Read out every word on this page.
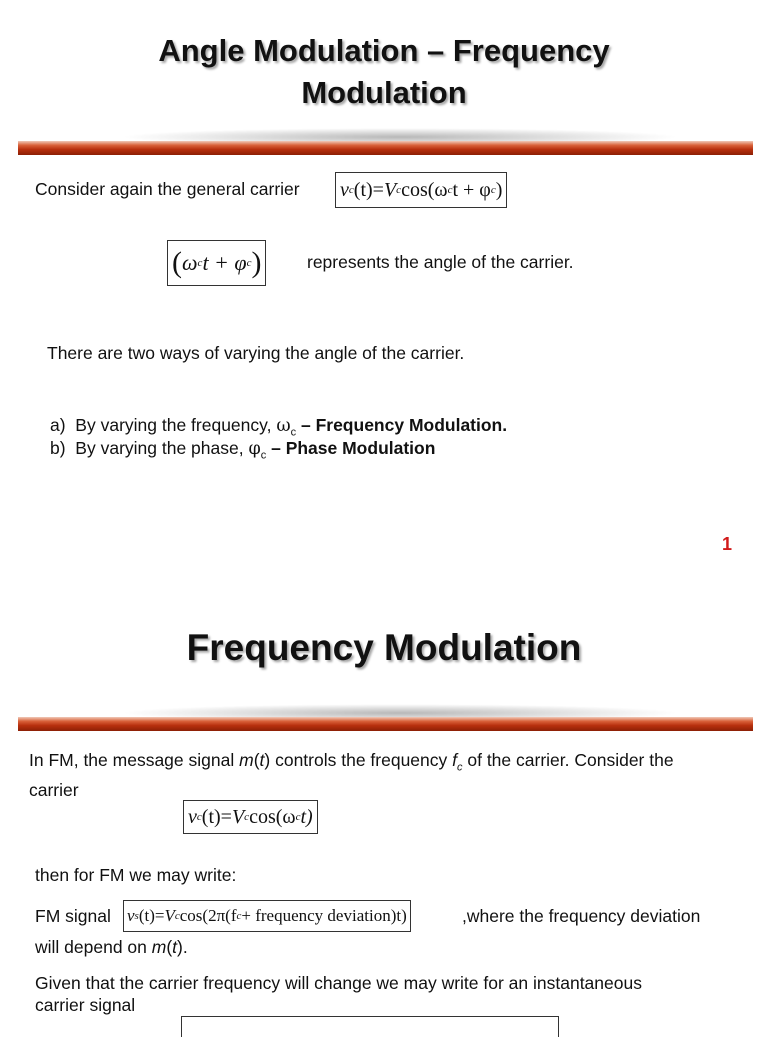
Angle Modulation – Frequency
Modulation
Consider again the general carrier v c (t) = V c cos (ω c t + φ c )
( ω c t + φ c )	represents the angle of the carrier.
There are two ways of varying the angle of the carrier.
a) By varying the frequency, $\omega_c$ – Frequency Modulation.
b) By varying the phase, $\varphi_c$ – Phase Modulation
1
Frequency Modulation
In FM, the message signal m(t) controls the frequency $f_c$ of the carrier. Consider the
carrier
v c (t) = V c cos (ω c t)
then for FM we may write:
FM signal v s (t) = V c cos (2π(f c + frequency deviation)t)	,where the frequency deviation
will depend on m(t).
Given that the carrier frequency will change we may write for an instantaneous
carrier signal
